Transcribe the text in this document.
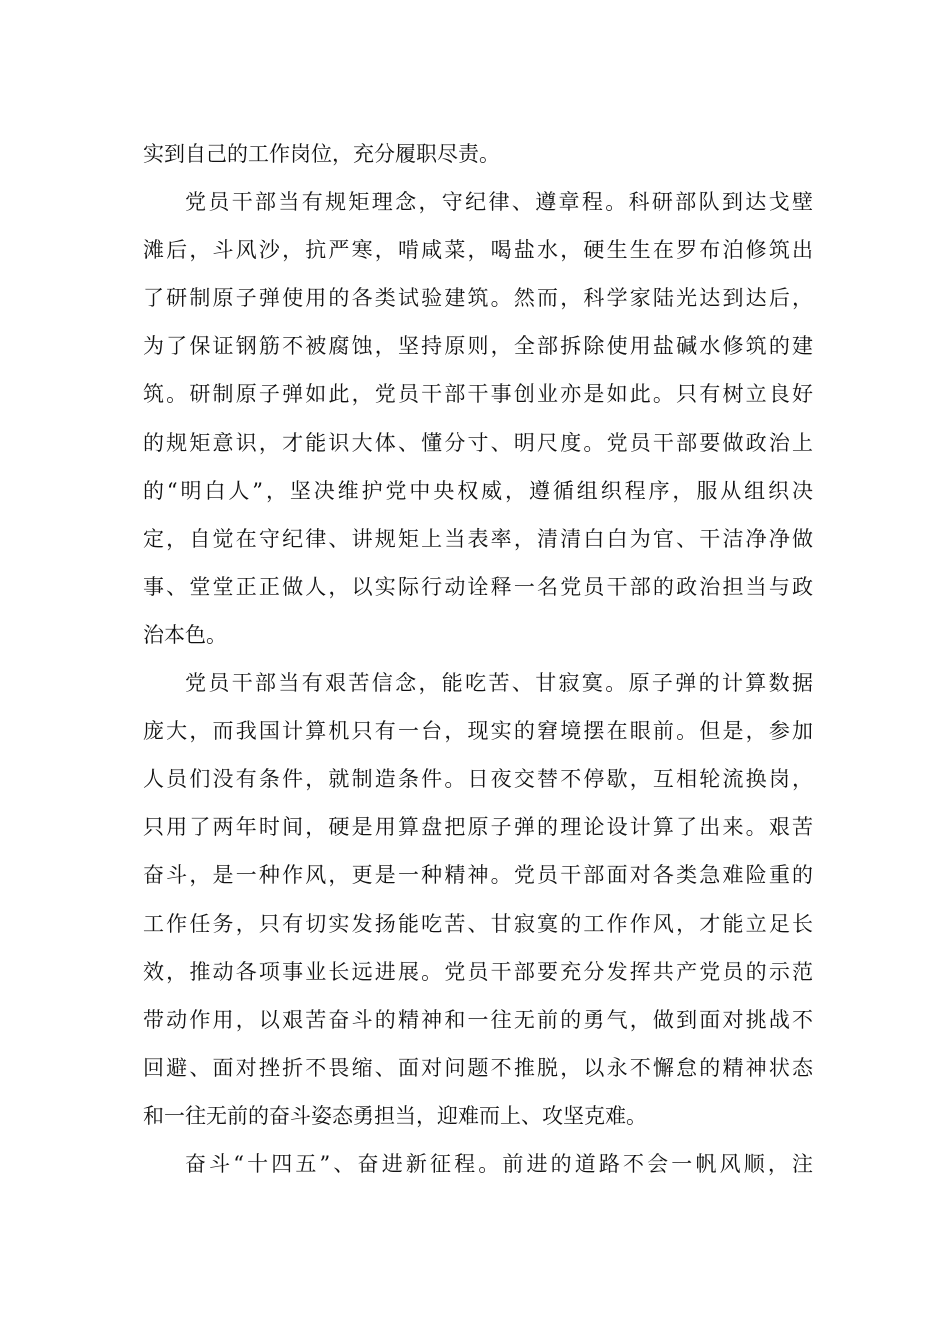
实到自己的工作岗位，充分履职尽责。
党员干部当有规矩理念，守纪律、遵章程。科研部队到达戈壁
滩后，斗风沙，抗严寒，啃咸菜，喝盐水，硬生生在罗布泊修筑出
了研制原子弹使用的各类试验建筑。然而，科学家陆光达到达后，
为了保证钢筋不被腐蚀，坚持原则，全部拆除使用盐碱水修筑的建
筑。研制原子弹如此，党员干部干事创业亦是如此。只有树立良好
的规矩意识，才能识大体、懂分寸、明尺度。党员干部要做政治上
的“明白人”，坚决维护党中央权威，遵循组织程序，服从组织决
定，自觉在守纪律、讲规矩上当表率，清清白白为官、干洁净净做
事、堂堂正正做人，以实际行动诠释一名党员干部的政治担当与政
治本色。
党员干部当有艰苦信念，能吃苦、甘寂寞。原子弹的计算数据
庞大，而我国计算机只有一台，现实的窘境摆在眼前。但是，参加
人员们没有条件，就制造条件。日夜交替不停歇，互相轮流换岗，
只用了两年时间，硬是用算盘把原子弹的理论设计算了出来。艰苦
奋斗，是一种作风，更是一种精神。党员干部面对各类急难险重的
工作任务，只有切实发扬能吃苦、甘寂寞的工作作风，才能立足长
效，推动各项事业长远进展。党员干部要充分发挥共产党员的示范
带动作用，以艰苦奋斗的精神和一往无前的勇气，做到面对挑战不
回避、面对挫折不畏缩、面对问题不推脱，以永不懈怠的精神状态
和一往无前的奋斗姿态勇担当，迎难而上、攻坚克难。
奋斗“十四五”、奋进新征程。前进的道路不会一帆风顺，注
